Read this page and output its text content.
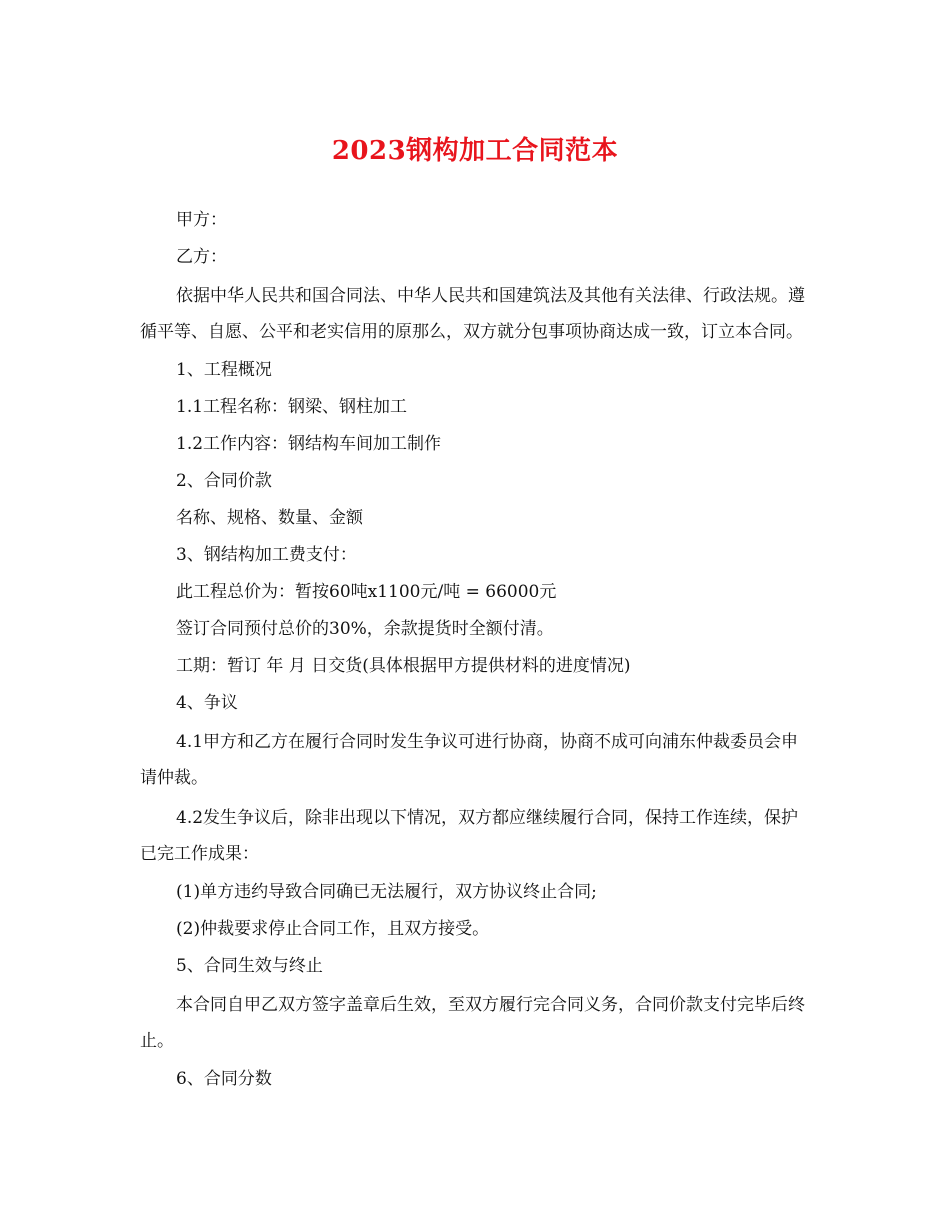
2023钢构加工合同范本

甲方：

乙方：

依据中华人民共和国合同法、中华人民共和国建筑法及其他有关法律、行政法规。遵循平等、自愿、公平和老实信用的原那么，双方就分包事项协商达成一致，订立本合同。

1、工程概况

1.1工程名称：钢梁、钢柱加工

1.2工作内容：钢结构车间加工制作

2、合同价款

名称、规格、数量、金额

3、钢结构加工费支付：

此工程总价为：暂按60吨x1100元/吨 = 66000元

签订合同预付总价的30%，余款提货时全额付清。

工期：暂订 年 月 日交货(具体根据甲方提供材料的进度情况)

4、争议

4.1甲方和乙方在履行合同时发生争议可进行协商，协商不成可向浦东仲裁委员会申请仲裁。

4.2发生争议后，除非出现以下情况，双方都应继续履行合同，保持工作连续，保护已完工作成果：

(1)单方违约导致合同确已无法履行，双方协议终止合同;

(2)仲裁要求停止合同工作，且双方接受。

5、合同生效与终止

本合同自甲乙双方签字盖章后生效，至双方履行完合同义务，合同价款支付完毕后终止。

6、合同分数
